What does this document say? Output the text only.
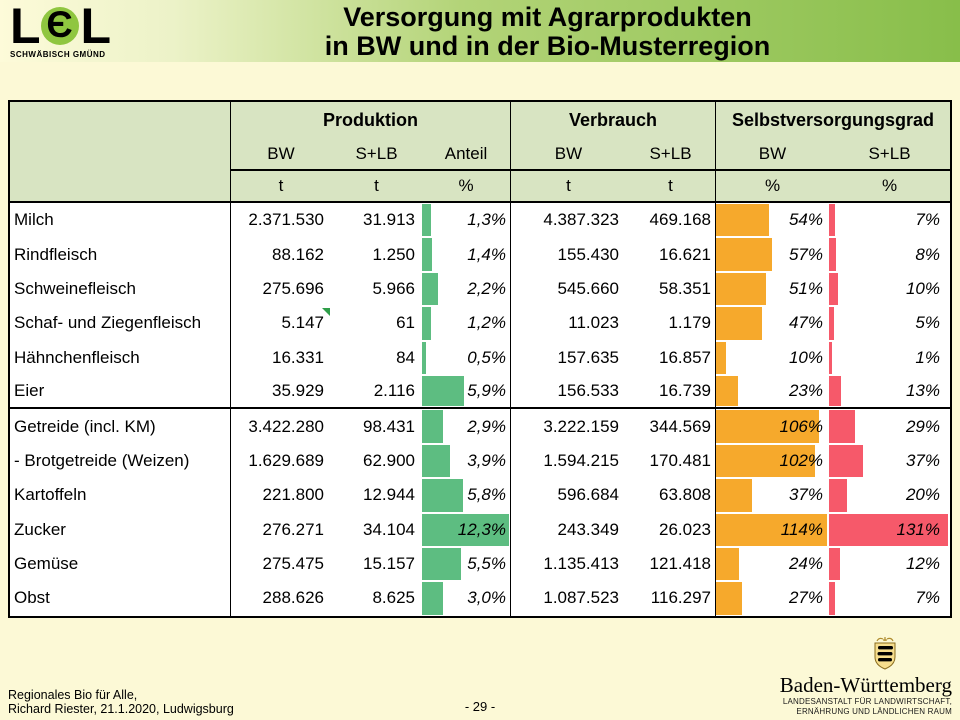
Versorgung mit Agrarprodukten
in BW und in der Bio-Musterregion
L Є L
SCHWÄBISCH GMÜND
Produktion	Verbrauch	Selbstversorgungsgrad
BW	S+LB	Anteil	BW	S+LB	BW	S+LB
t	t	%	t	t	%	%
Milch	2.371.530 31.913	1,3% 4.387.323 469.168	54%	7%
Rindfleisch	88.162	1.250	1,4%	155.430 16.621	57%	8%
Schweinefleisch	275.696	5.966	2,2%	545.660 58.351	51%	10%
Schaf- und Ziegenfleisch	5.147	61	1,2%	11.023	1.179	47%	5%
Hähnchenfleisch	16.331	84	0,5%	157.635 16.857	10%	1%
Eier	35.929	2.116	5,9%	156.533 16.739	23%	13%
Getreide (incl. KM)	3.422.280 98.431	2,9% 3.222.159 344.569	106%	29%
- Brotgetreide (Weizen)	1.629.689 62.900	3,9% 1.594.215 170.481	102%	37%
Kartoffeln	221.800 12.944	5,8%	596.684 63.808	37%	20%
Zucker	276.271 34.104	12,3%	243.349 26.023	114%	131%
Gemüse	275.475 15.157	5,5% 1.135.413 121.418	24%	12%
Obst	288.626	8.625	3,0% 1.087.523 116.297	27%	7%
Regionales Bio für Alle,
Richard Riester, 21.1.2020, Ludwigsburg	- 29 -
Baden-Württemberg
LANDESANSTALT FÜR LANDWIRTSCHAFT,
ERNÄHRUNG UND LÄNDLICHEN RAUM
